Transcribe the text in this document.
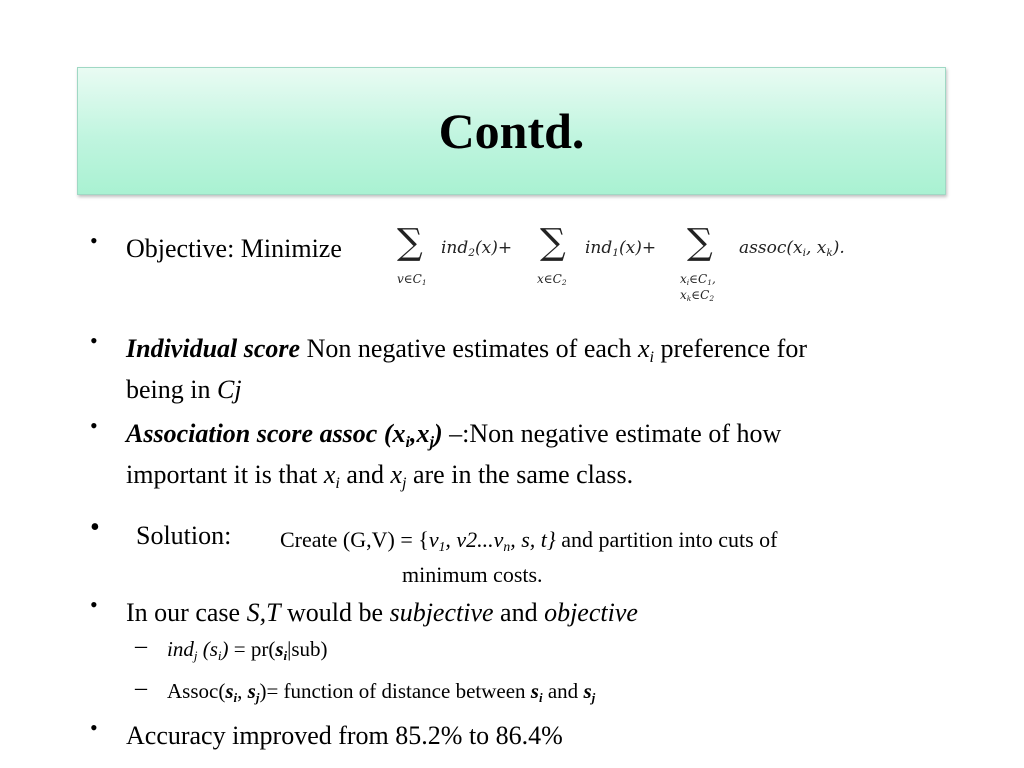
Contd.
• Objective: Minimize ∑
$v\in C_1$
ind$_2$(x)+ ∑
$x\in C_2$
ind$_1$(x)+ ∑
$x_i\in C_1$,
$x_k\in C_2$
$assoc(x_i$, $x_k$).
• Individual score Non negative estimates of each $x_i$ preference for
being in Cj
• Association score assoc $(x_i,x_j)$ –:Non negative estimate of how
important it is that $x_i$ and $x_j$ are in the same class.
• Solution: Create $(G,V) = \{v_1$, $v2...v_n$, s, t} and partition into cuts of
minimum costs.
• In our case S,T would be subjective and objective
– ind$_j$ $(s_i) = pr(s_i|sub)$
– $Assoc(s_i$, $s_j)=$ function of distance between $s_i$ and $s_j$
• Accuracy improved from 85.2% to 86.4%
